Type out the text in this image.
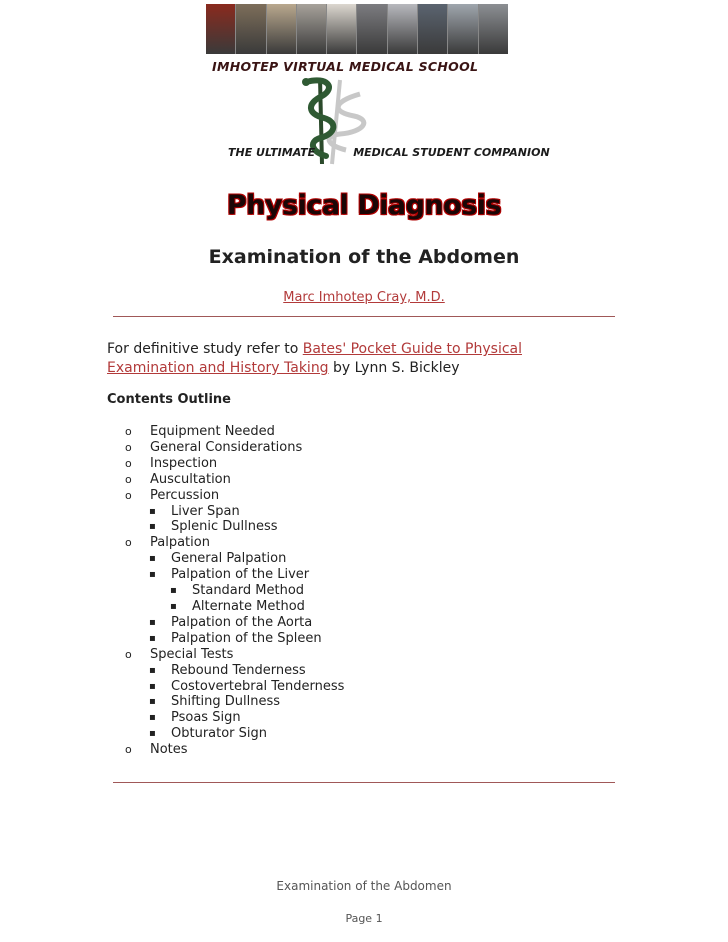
IMHOTEP VIRTUAL MEDICAL SCHOOL
THE ULTIMATE	MEDICAL STUDENT COMPANION
Physical Diagnosis
Examination of the Abdomen
Marc Imhotep Cray, M.D.
For definitive study refer to Bates' Pocket Guide to Physical Examination and History Taking by Lynn S. Bickley
Contents Outline
o Equipment Needed
o General Considerations
o Inspection
o Auscultation
o Percussion
▪ Liver Span
▪ Splenic Dullness
o Palpation
▪ General Palpation
▪ Palpation of the Liver
▪ Standard Method
▪ Alternate Method
▪ Palpation of the Aorta
▪ Palpation of the Spleen
o Special Tests
▪ Rebound Tenderness
▪ Costovertebral Tenderness
▪ Shifting Dullness
▪ Psoas Sign
▪ Obturator Sign
o Notes
Examination of the Abdomen
Page 1
